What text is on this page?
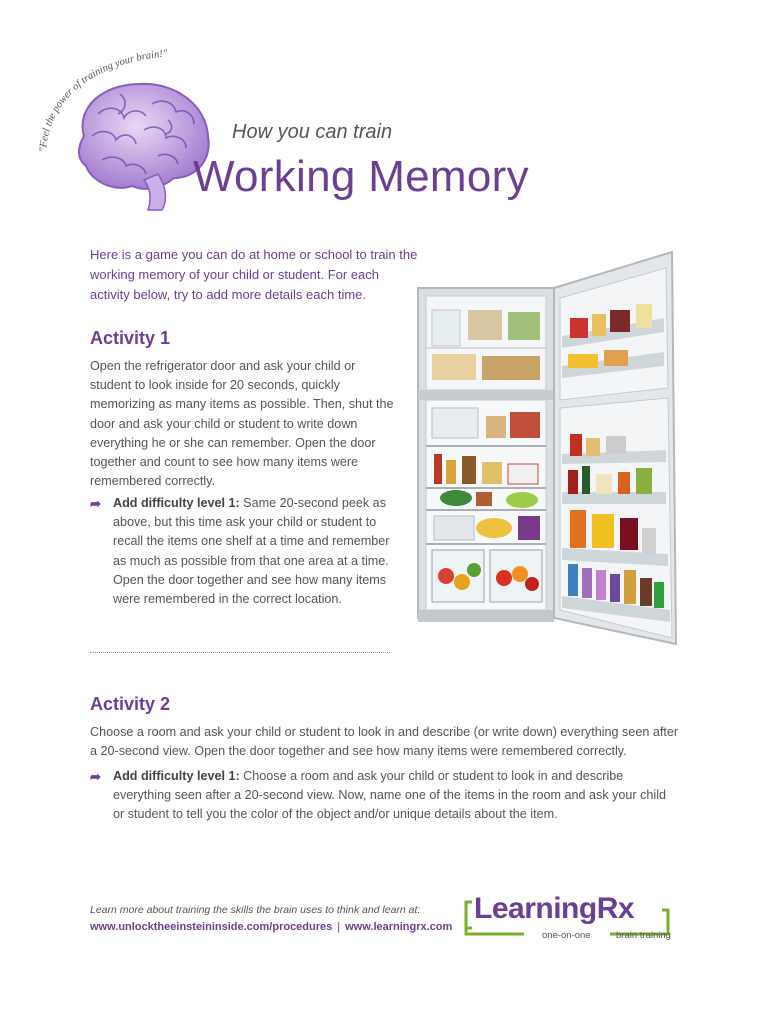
"Feel the power of training your brain!"
How you can train
Working Memory
Here is a game you can do at home or school to train the working memory of your child or student. For each activity below, try to add more details each time.
Activity 1
Open the refrigerator door and ask your child or student to look inside for 20 seconds, quickly memorizing as many items as possible. Then, shut the door and ask your child or student to write down everything he or she can remember. Open the door together and count to see how many items were remembered correctly.
➦ Add difficulty level 1: Same 20-second peek as above, but this time ask your child or student to recall the items one shelf at a time and remember as much as possible from that one area at a time. Open the door together and see how many items were remembered in the correct location.
Activity 2
Choose a room and ask your child or student to look in and describe (or write down) everything seen after a 20-second view. Open the door together and see how many items were remembered correctly.
➦ Add difficulty level 1: Choose a room and ask your child or student to look in and describe everything seen after a 20-second view. Now, name one of the items in the room and ask your child or student to tell you the color of the object and/or unique details about the item.
Learn more about training the skills the brain uses to think and learn at:
www.unlocktheeinsteininside.com/procedures | www.learningrx.com
LearningRx
one-on-one	brain training
